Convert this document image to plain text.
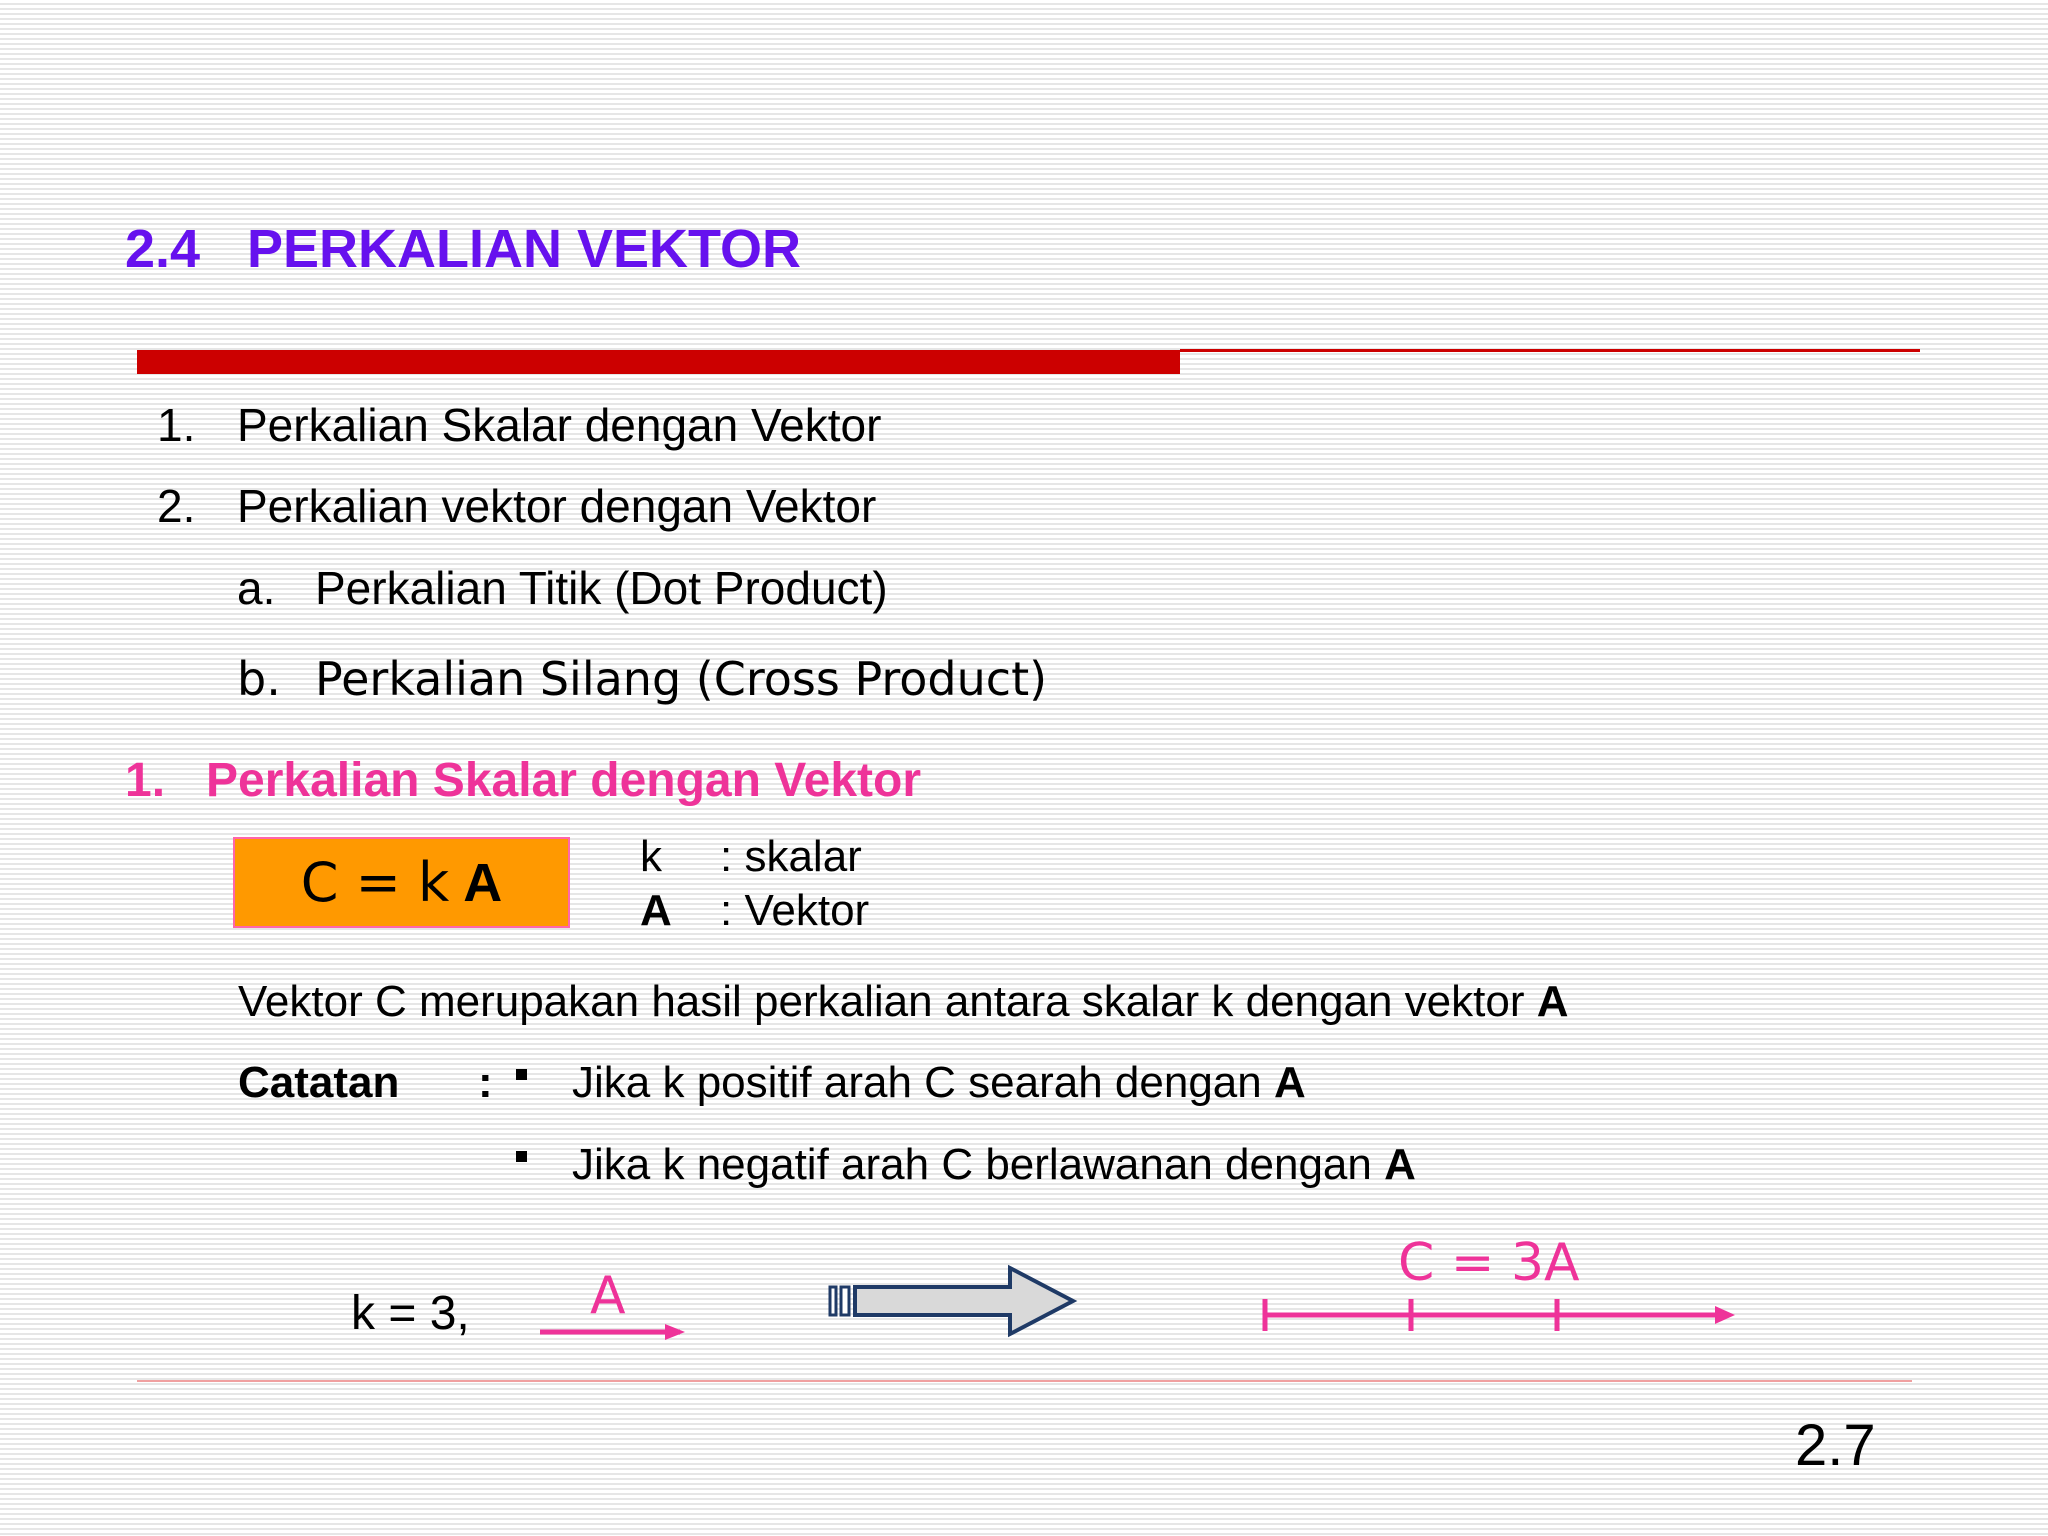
2.4 PERKALIAN VEKTOR
1. Perkalian Skalar dengan Vektor
2. Perkalian vektor dengan Vektor
a. Perkalian Titik (Dot Product)
b. Perkalian Silang (Cross Product)
1. Perkalian Skalar dengan Vektor
C = k A	k : skalar
A : Vektor
Vektor C merupakan hasil perkalian antara skalar k dengan vektor A
Catatan : Jika k positif arah C searah dengan A
Jika k negatif arah C berlawanan dengan A
k = 3, A
C = 3A
2.7
